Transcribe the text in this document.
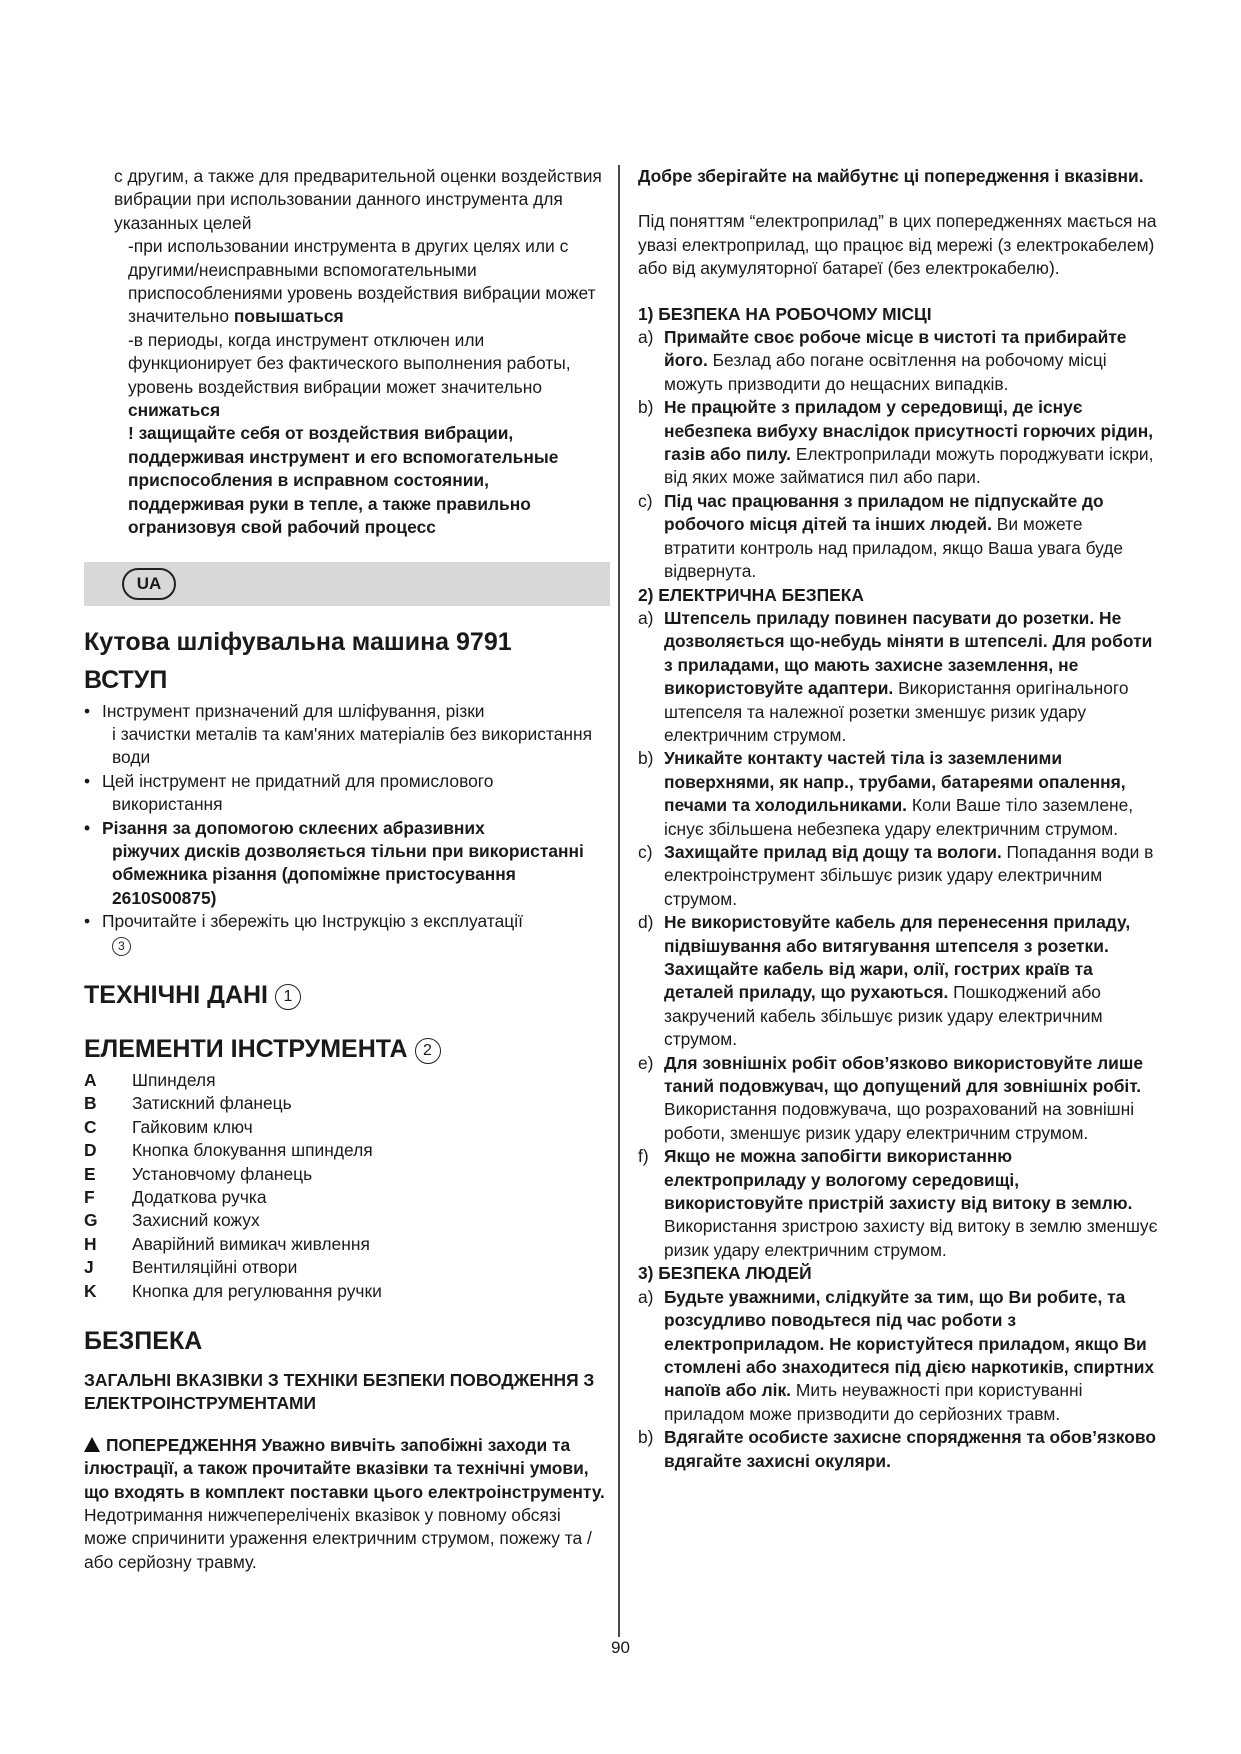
с другим, а также для предварительной оценки воздействия вибрации при использовании данного инструмента для указанных целей

-при использовании инструмента в других целях или с другими/неисправными вспомогательными приспособлениями уровень воздействия вибрации может значительно повышаться

-в периоды, когда инструмент отключен или функционирует без фактического выполнения работы, уровень воздействия вибрации может значительно снижаться

! защищайте себя от воздействия вибрации, поддерживая инструмент и его вспомогательные приспособления в исправном состоянии, поддерживая руки в тепле, а также правильно огранизовуя свой рабочий процесс

UA
Кутова шліфувальна машина 9791
ВСТУП
• Інструмент призначений для шліфування, різки
і зачистки металів та кам'яних матеріалів без використання води
• Цей інструмент не придатний для промислового
використання
• Різання за допомогою склеєних абразивних
ріжучих дисків дозволяється тільни при використанні обмежника різання (допоміжне пристосування 2610S00875)
• Прочитайте і збережіть цю Інструкцію з експлуатації
3
ТЕХНІЧНІ ДАНІ 1
ЕЛЕМЕНТИ ІНСТРУМЕНТА 2
A	Шпинделя
B	Затискний фланець
C	Гайковим ключ
D	Кнопка блокування шпинделя
E	Установчому фланець
F	Додаткова ручка
G	Захисний кожух
H	Аварійний вимикач живлення
J	Вентиляційні отвори
K	Кнопка для регулювання ручки
БЕЗПЕКА

ЗАГАЛЬНІ ВКАЗІВКИ З ТЕХНІКИ БЕЗПЕКИ ПОВОДЖЕННЯ З ЕЛЕКТРОІНСТРУМЕНТАМИ

ПОПЕРЕДЖЕННЯ Уважно вивчіть запобіжні заходи та ілюстрації, а також прочитайте вказівки та технічні умови, що входять в комплект поставки цього електроінструменту. Недотримання нижчепереліченіх вказівок у повному обсязі може спричинити ураження електричним струмом, пожежу та / або серйозну травму.

Добре зберігайте на майбутнє ці попередження і вказівни.

Під поняттям “електроприлад” в цих попередженнях мається на увазі електроприлад, що працює від мережі (з електрокабелем) або від акумуляторної батареї (без електрокабелю).

1) БЕЗПЕКА НА РОБОЧОМУ МІСЦІ

a) Примайте своє робоче місце в чистоті та прибирайте його. Безлад або погане освітлення на робочому місці можуть призводити до нещасних випадків.
b) Не працюйте з приладом у середовищі, де існує небезпека вибуху внаслідок присутності горючих рідин, газів або пилу. Електроприлади можуть породжувати іскри, від яких може займатися пил або пари.
c) Під час працювання з приладом не підпускайте до робочого місця дітей та інших людей. Ви можете втратити контроль над приладом, якщо Ваша увага буде відвернута.

2) ЕЛЕКТРИЧНА БЕЗПЕКА

a) Штепсель приладу повинен пасувати до розетки. Не дозволяється що-небудь міняти в штепселі. Для роботи з приладами, що мають захисне заземлення, не використовуйте адаптери. Використання оригінального штепселя та належної розетки зменшує ризик удару електричним струмом.
b) Уникайте контакту частей тіла із заземленими поверхнями, як напр., трубами, батареями опалення, печами та холодильниками. Коли Ваше тіло заземлене, існує збільшена небезпека удару електричним струмом.
c) Захищайте прилад від дощу та вологи. Попадання води в електроінструмент збільшує ризик удару електричним струмом.
d) Не використовуйте кабель для перенесення приладу, підвішування або витягування штепселя з розетки. Захищайте кабель від жари, олії, гострих країв та деталей приладу, що рухаються. Пошкоджений або закручений кабель збільшує ризик удару електричним струмом.
e) Для зовнішніх робіт обов’язково використовуйте лише таний подовжувач, що допущений для зовнішніх робіт. Використання подовжувача, що розрахований на зовнішні роботи, зменшує ризик удару електричним струмом.
f) Якщо не можна запобігти використанню електроприладу у вологому середовищі, використовуйте пристрій захисту від витоку в землю. Використання зристрою захисту від витоку в землю зменшує ризик удару електричним струмом.

3) БЕЗПЕКА ЛЮДЕЙ

a) Будьте уважними, слідкуйте за тим, що Ви робите, та розсудливо поводьтеся під час роботи з електроприладом. Не користуйтеся приладом, якщо Ви стомлені або знаходитеся під дією наркотиків, спиртних напоїв або лік. Мить неуважності при користуванні приладом може призводити до серйозних травм.
b) Вдягайте особисте захисне спорядження та обов’язково вдягайте захисні окуляри.
90
